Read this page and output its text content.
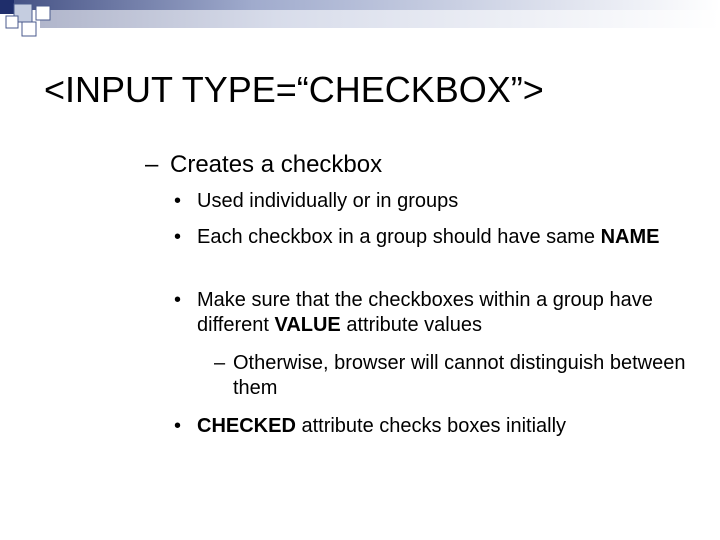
<INPUT TYPE=“CHECKBOX”>
– Creates a checkbox
• Used individually or in groups
• Each checkbox in a group should have same NAME
• Make sure that the checkboxes within a group have different VALUE attribute values
– Otherwise, browser will cannot distinguish between them
• CHECKED attribute checks boxes initially
